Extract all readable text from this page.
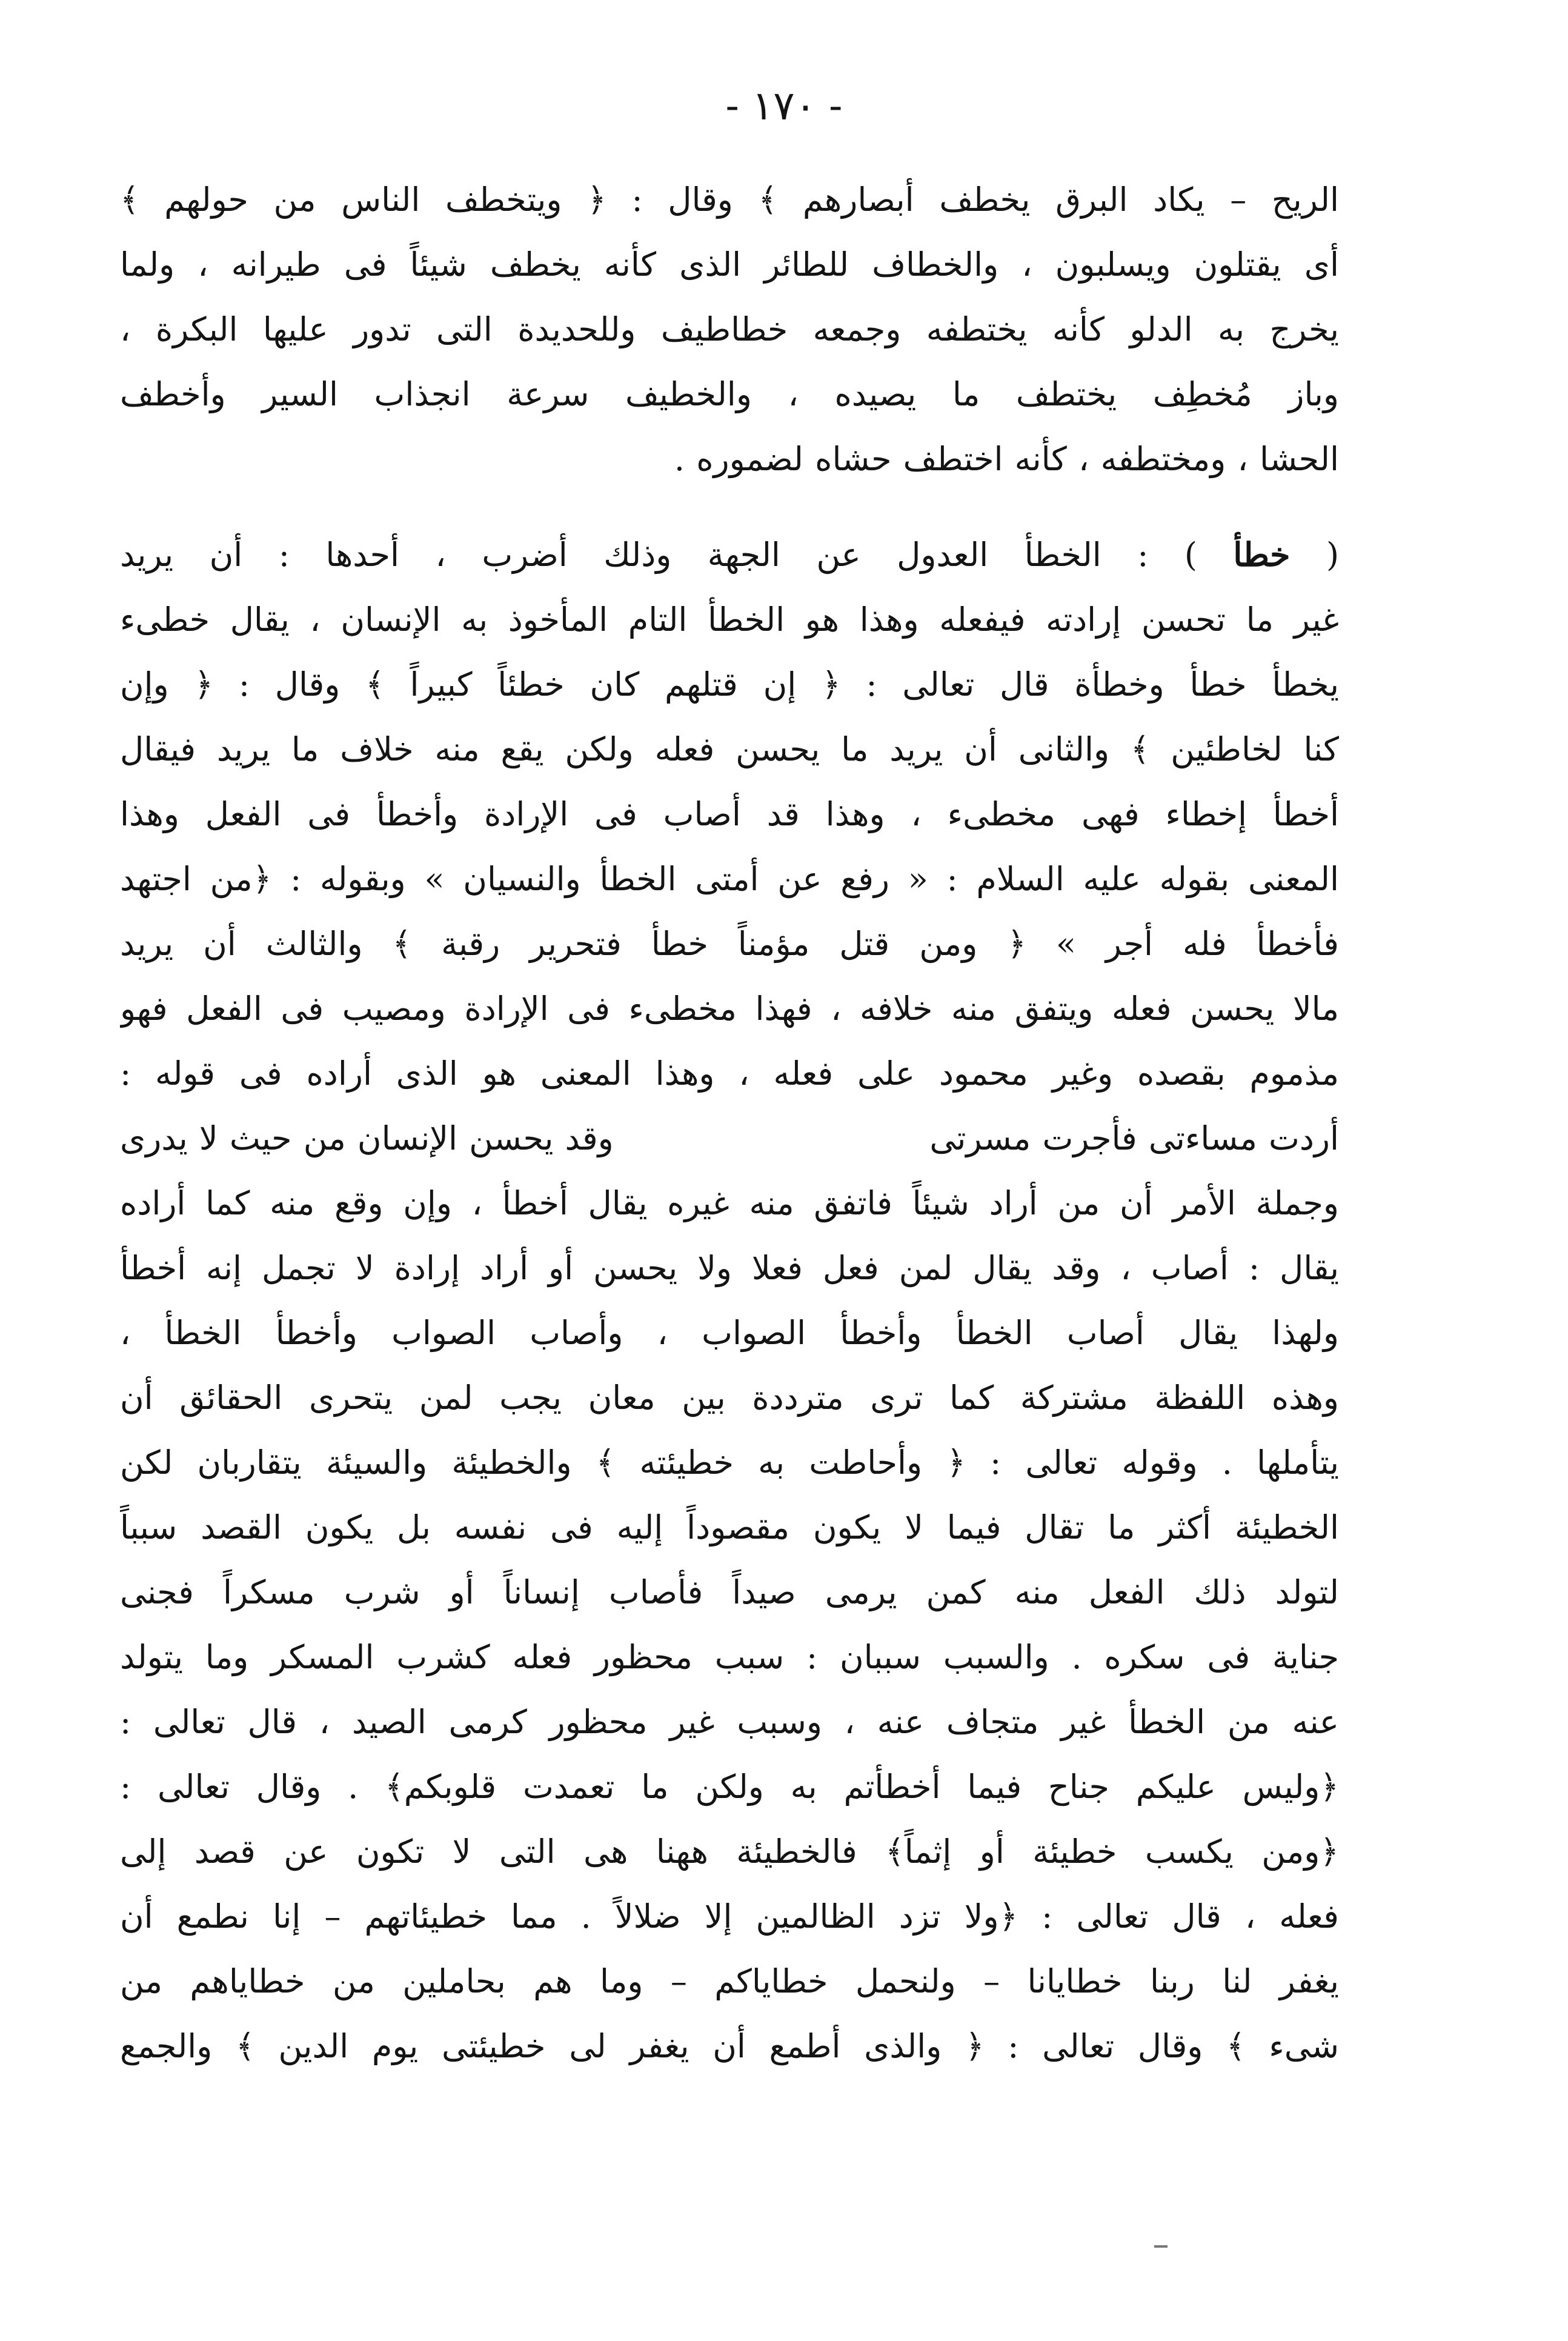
- ١٧٠ -
الريح – يكاد البرق يخطف أبصارهم ﴾ وقال : ﴿ ويتخطف الناس من حولهم ﴾
أى يقتلون ويسلبون ، والخطاف للطائر الذى كأنه يخطف شيئاً فى طيرانه ، ولما
يخرج به الدلو كأنه يختطفه وجمعه خطاطيف وللحديدة التى تدور عليها البكرة ،
وباز مُخطِف يختطف ما يصيده ، والخطيف سرعة انجذاب السير وأخطف
الحشا ، ومختطفه ، كأنه اختطف حشاه لضموره .
( خطأ ) : الخطأ العدول عن الجهة وذلك أضرب ، أحدها : أن يريد
غير ما تحسن إرادته فيفعله وهذا هو الخطأ التام المأخوذ به الإنسان ، يقال خطىء
يخطأ خطأ وخطأة قال تعالى : ﴿ إن قتلهم كان خطئاً كبيراً ﴾ وقال : ﴿ وإن
كنا لخاطئين ﴾ والثانى أن يريد ما يحسن فعله ولكن يقع منه خلاف ما يريد فيقال
أخطأ إخطاء فهى مخطىء ، وهذا قد أصاب فى الإرادة وأخطأ فى الفعل وهذا
المعنى بقوله عليه السلام : « رفع عن أمتى الخطأ والنسيان » وبقوله : ﴿من اجتهد
فأخطأ فله أجر » ﴿ ومن قتل مؤمناً خطأ فتحرير رقبة ﴾ والثالث أن يريد
مالا يحسن فعله ويتفق منه خلافه ، فهذا مخطىء فى الإرادة ومصيب فى الفعل فهو
مذموم بقصده وغير محمود على فعله ، وهذا المعنى هو الذى أراده فى قوله :
أردت مساءتى فأجرت مسرتى
وقد يحسن الإنسان من حيث لا يدرى
وجملة الأمر أن من أراد شيئاً فاتفق منه غيره يقال أخطأ ، وإن وقع منه كما أراده
يقال : أصاب ، وقد يقال لمن فعل فعلا ولا يحسن أو أراد إرادة لا تجمل إنه أخطأ
ولهذا يقال أصاب الخطأ وأخطأ الصواب ، وأصاب الصواب وأخطأ الخطأ ،
وهذه اللفظة مشتركة كما ترى مترددة بين معان يجب لمن يتحرى الحقائق أن
يتأملها . وقوله تعالى : ﴿ وأحاطت به خطيئته ﴾ والخطيئة والسيئة يتقاربان لكن
الخطيئة أكثر ما تقال فيما لا يكون مقصوداً إليه فى نفسه بل يكون القصد سبباً
لتولد ذلك الفعل منه كمن يرمى صيداً فأصاب إنساناً أو شرب مسكراً فجنى
جناية فى سكره . والسبب سببان : سبب محظور فعله كشرب المسكر وما يتولد
عنه من الخطأ غير متجاف عنه ، وسبب غير محظور كرمى الصيد ، قال تعالى :
﴿وليس عليكم جناح فيما أخطأتم به ولكن ما تعمدت قلوبكم﴾ . وقال تعالى :
﴿ومن يكسب خطيئة أو إثماً﴾ فالخطيئة ههنا هى التى لا تكون عن قصد إلى
فعله ، قال تعالى : ﴿ولا تزد الظالمين إلا ضلالاً . مما خطيئاتهم – إنا نطمع أن
يغفر لنا ربنا خطايانا – ولنحمل خطاياكم – وما هم بحاملين من خطاياهم من
شىء ﴾ وقال تعالى : ﴿ والذى أطمع أن يغفر لى خطيئتى يوم الدين ﴾ والجمع
